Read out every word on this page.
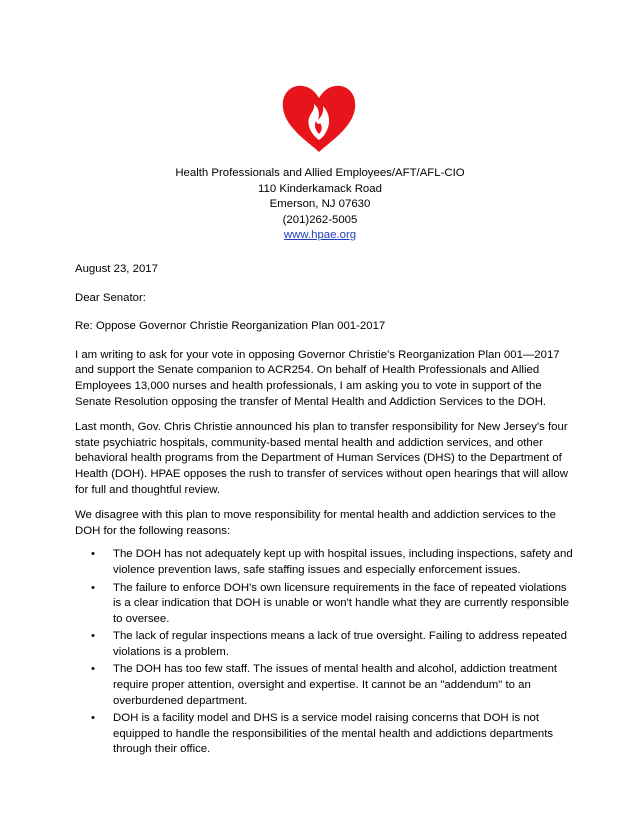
Health Professionals and Allied Employees/AFT/AFL-CIO
110 Kinderkamack Road
Emerson, NJ 07630
(201)262-5005
www.hpae.org

August 23, 2017

Dear Senator:

Re: Oppose Governor Christie Reorganization Plan 001-2017

I am writing to ask for your vote in opposing Governor Christie's Reorganization Plan 001—2017 and support the Senate companion to ACR254. On behalf of Health Professionals and Allied Employees 13,000 nurses and health professionals, I am asking you to vote in support of the Senate Resolution opposing the transfer of Mental Health and Addiction Services to the DOH.

Last month, Gov. Chris Christie announced his plan to transfer responsibility for New Jersey's four state psychiatric hospitals, community-based mental health and addiction services, and other behavioral health programs from the Department of Human Services (DHS) to the Department of Health (DOH). HPAE opposes the rush to transfer of services without open hearings that will allow for full and thoughtful review.

We disagree with this plan to move responsibility for mental health and addiction services to the DOH for the following reasons:

• The DOH has not adequately kept up with hospital issues, including inspections, safety and violence prevention laws, safe staffing issues and especially enforcement issues.
• The failure to enforce DOH's own licensure requirements in the face of repeated violations is a clear indication that DOH is unable or won't handle what they are currently responsible to oversee.
• The lack of regular inspections means a lack of true oversight. Failing to address repeated violations is a problem.
• The DOH has too few staff. The issues of mental health and alcohol, addiction treatment require proper attention, oversight and expertise. It cannot be an "addendum" to an overburdened department.
• DOH is a facility model and DHS is a service model raising concerns that DOH is not equipped to handle the responsibilities of the mental health and addictions departments through their office.
